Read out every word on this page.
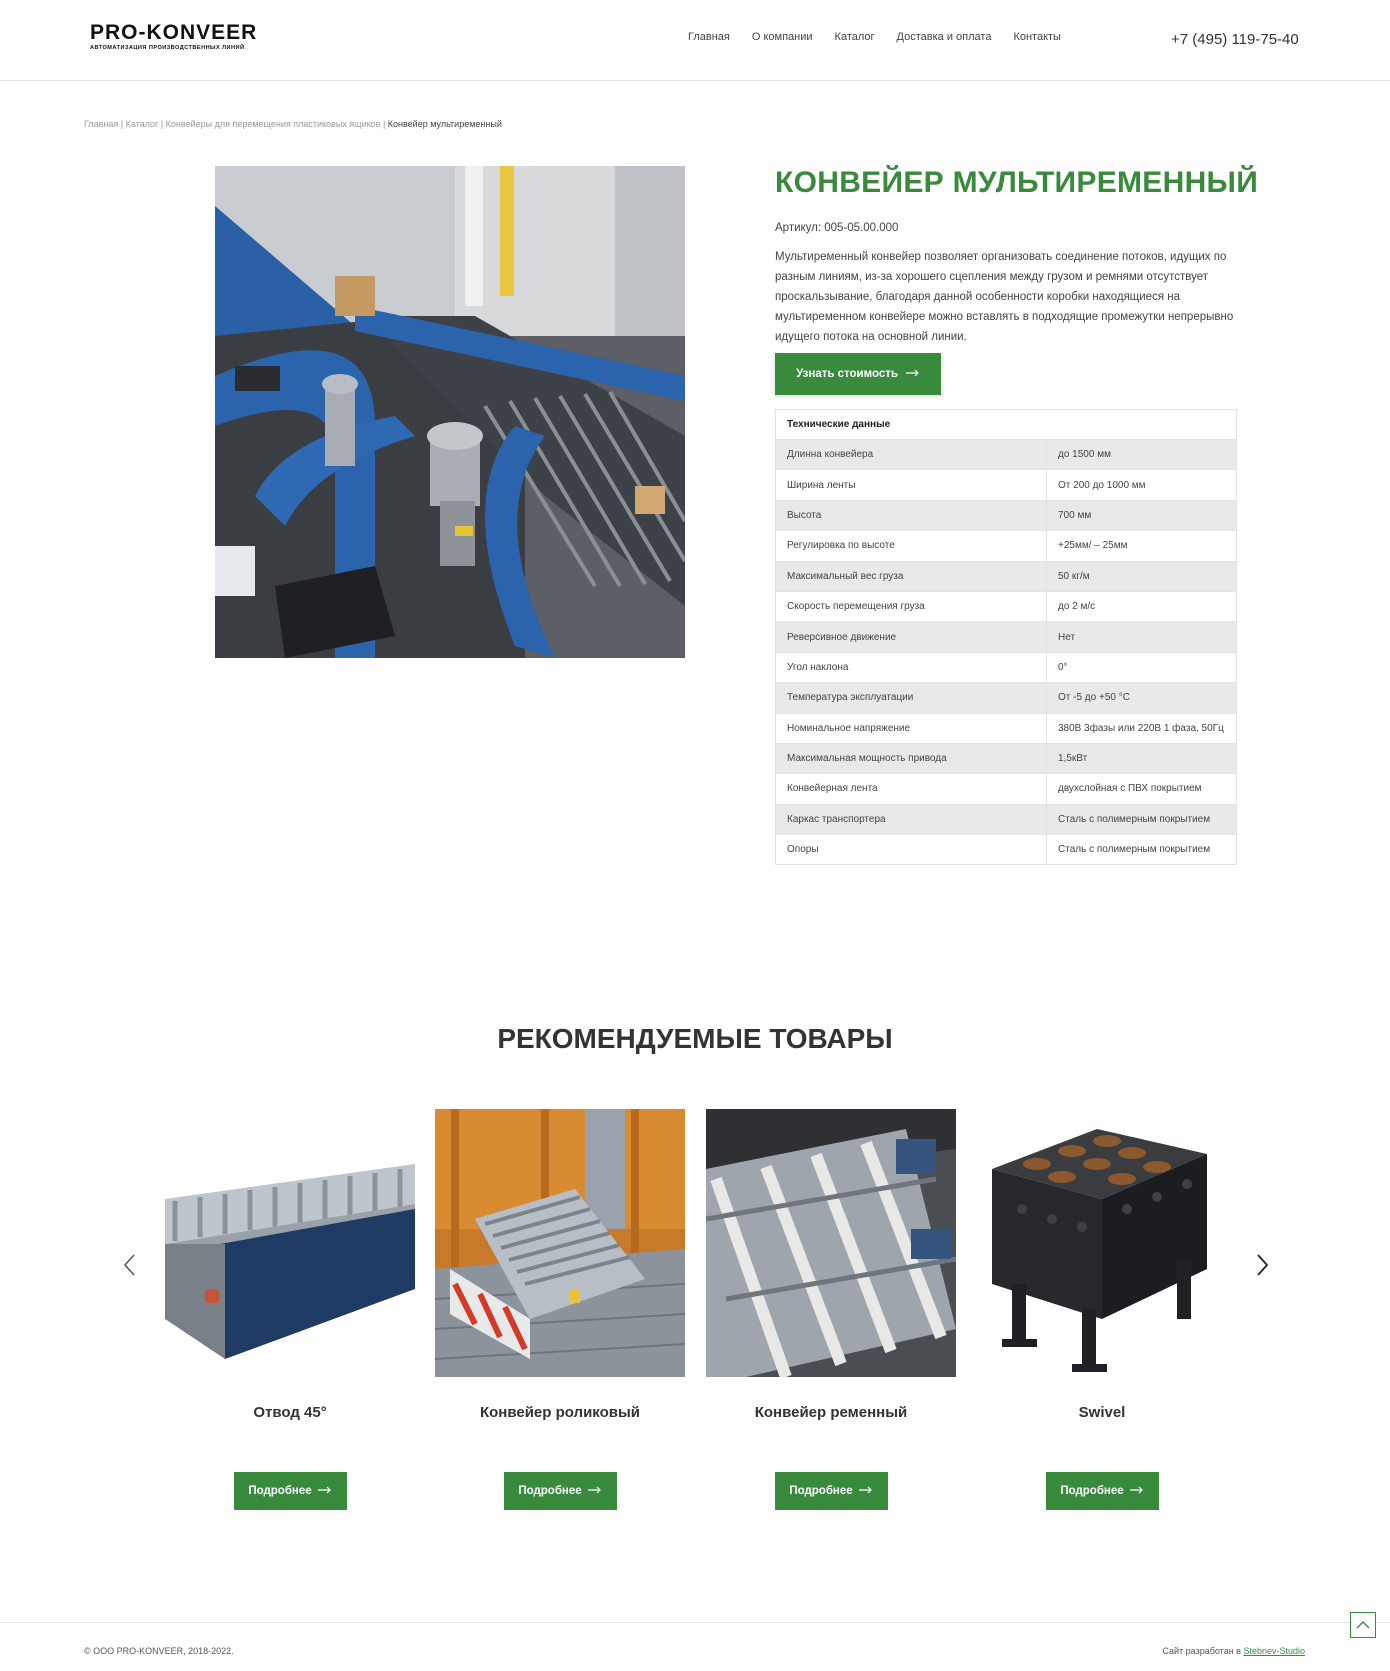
PRO-KONVEER
АВТОМАТИЗАЦИЯ ПРОИЗВОДСТВЕННЫХ ЛИНИЙ
Главная О компании Каталог Доставка и оплата Контакты	+7 (495) 119-75-40
Главная | Каталог | Конвейеры для перемещения пластиковых ящиков | Конвейер мультиременный
КОНВЕЙЕР МУЛЬТИРЕМЕННЫЙ
Артикул: 005-05.00.000

Мультиременный конвейер позволяет организовать соединение потоков, идущих по разным линиям, из-за хорошего сцепления между грузом и ремнями отсутствует проскальзывание, благодаря данной особенности коробки находящиеся на мультиременном конвейере можно вставлять в подходящие промежутки непрерывно идущего потока на основной линии.

Узнать стоимость
Технические данные	
Длинна конвейера	до 1500 мм
Ширина ленты	От 200 до 1000 мм
Высота	700 мм
Регулировка по высоте	+25мм/ – 25мм
Максимальный вес груза	50 кг/м
Скорость перемещения груза	до 2 м/с
Реверсивное движение	Нет
Угол наклона	0°
Температура эксплуатации	От -5 до +50 °С
Номинальное напряжение	380В 3фазы или 220В 1 фаза, 50Гц
Максимальная мощность привода	1,5кВт
Конвейерная лента	двухслойная с ПВХ покрытием
Каркас транспортера	Сталь с полимерным покрытием
Опоры	Сталь с полимерным покрытием
РЕКОМЕНДУЕМЫЕ ТОВАРЫ
Отвод 45°
Подробнее
Конвейер роликовый
Подробнее
Конвейер ременный
Подробнее
Swivel
Подробнее
© ООО PRO-KONVEER, 2018-2022.	Сайт разработан в Stebnev-Studio
